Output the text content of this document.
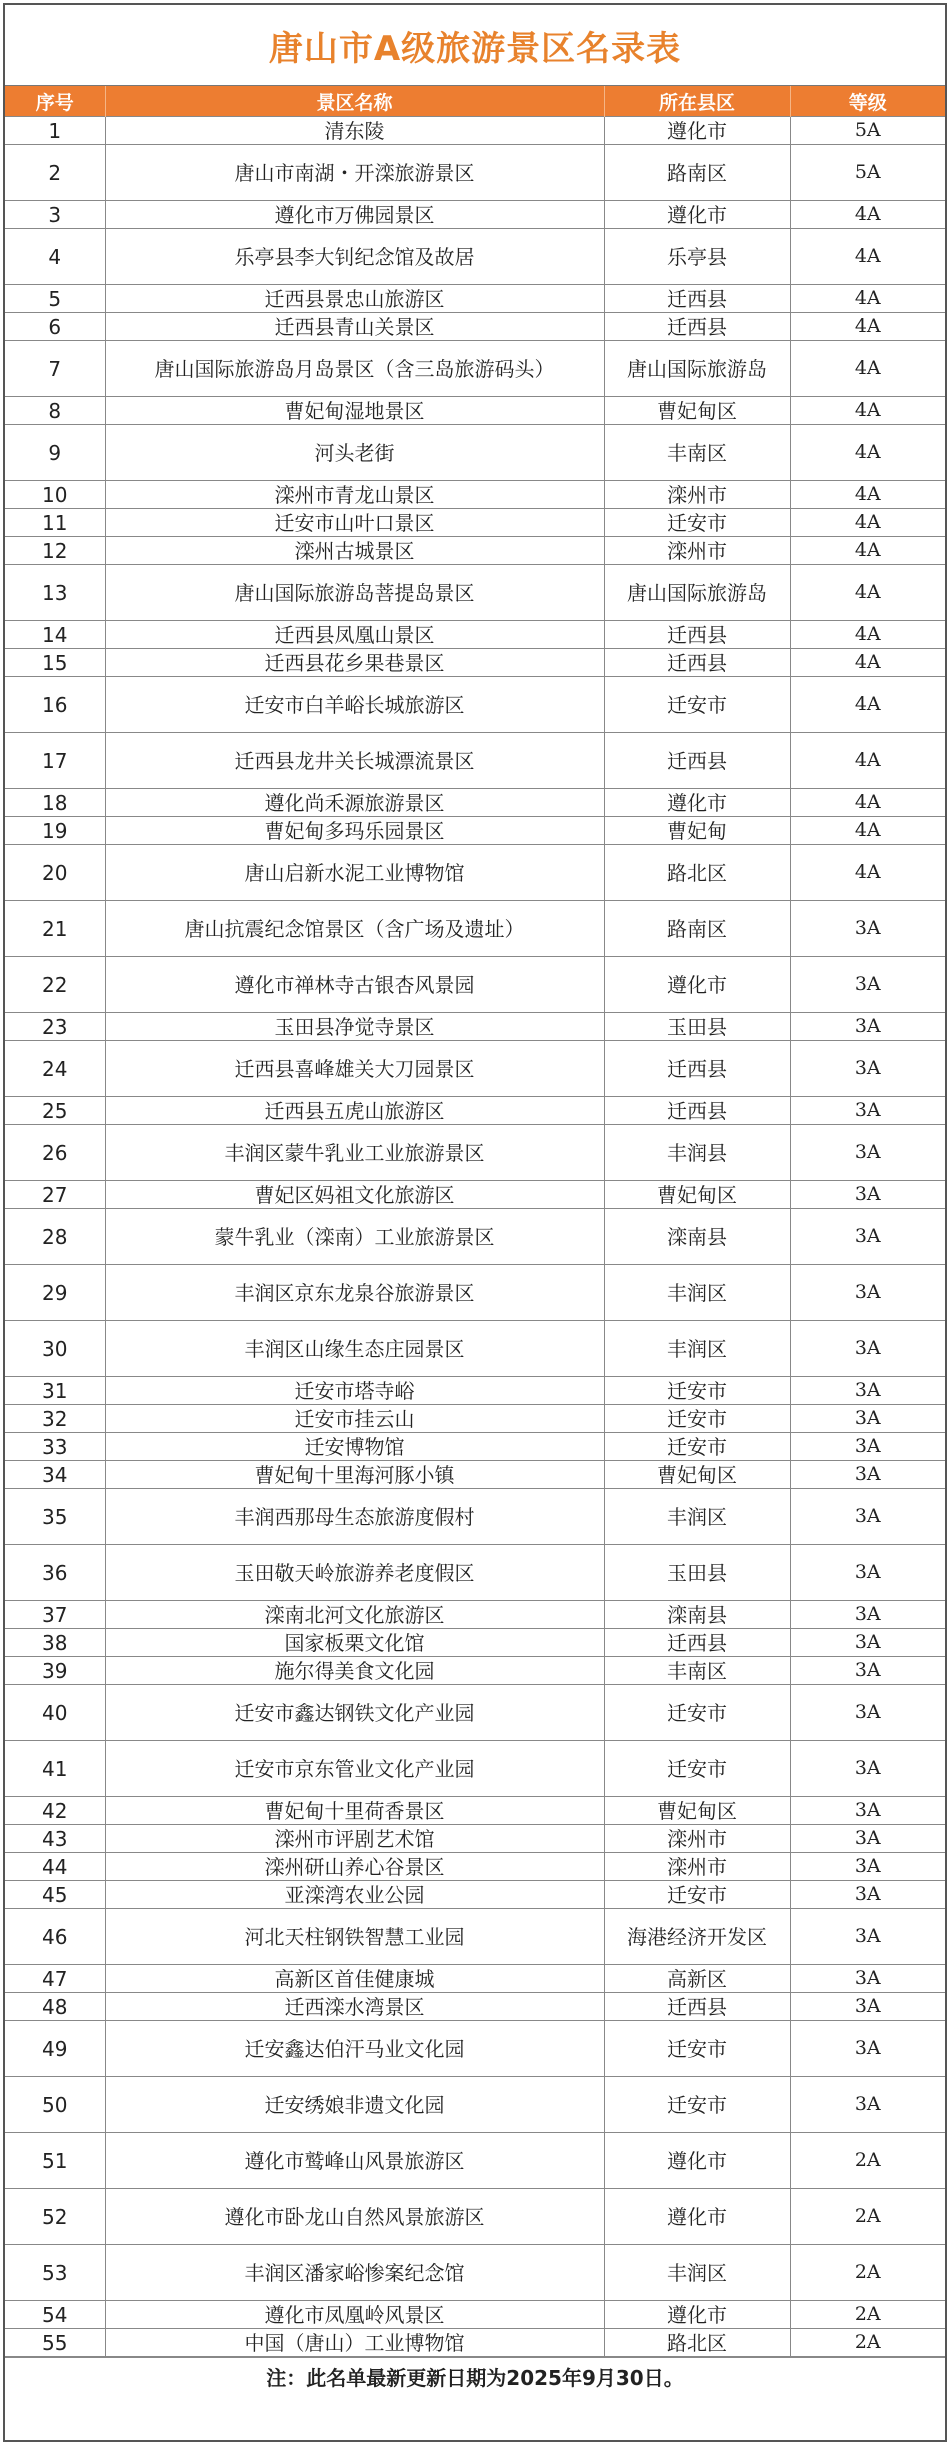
唐山市A级旅游景区名录表
序号	景区名称	所在县区	等级
1	清东陵	遵化市	5A
2	唐山市南湖・开滦旅游景区	路南区	5A
3	遵化市万佛园景区	遵化市	4A
4	乐亭县李大钊纪念馆及故居	乐亭县	4A
5	迁西县景忠山旅游区	迁西县	4A
6	迁西县青山关景区	迁西县	4A
7	唐山国际旅游岛月岛景区（含三岛旅游码头）	唐山国际旅游岛	4A
8	曹妃甸湿地景区	曹妃甸区	4A
9	河头老街	丰南区	4A
10	滦州市青龙山景区	滦州市	4A
11	迁安市山叶口景区	迁安市	4A
12	滦州古城景区	滦州市	4A
13	唐山国际旅游岛菩提岛景区	唐山国际旅游岛	4A
14	迁西县凤凰山景区	迁西县	4A
15	迁西县花乡果巷景区	迁西县	4A
16	迁安市白羊峪长城旅游区	迁安市	4A
17	迁西县龙井关长城漂流景区	迁西县	4A
18	遵化尚禾源旅游景区	遵化市	4A
19	曹妃甸多玛乐园景区	曹妃甸	4A
20	唐山启新水泥工业博物馆	路北区	4A
21	唐山抗震纪念馆景区（含广场及遗址）	路南区	3A
22	遵化市禅林寺古银杏风景园	遵化市	3A
23	玉田县净觉寺景区	玉田县	3A
24	迁西县喜峰雄关大刀园景区	迁西县	3A
25	迁西县五虎山旅游区	迁西县	3A
26	丰润区蒙牛乳业工业旅游景区	丰润县	3A
27	曹妃区妈祖文化旅游区	曹妃甸区	3A
28	蒙牛乳业（滦南）工业旅游景区	滦南县	3A
29	丰润区京东龙泉谷旅游景区	丰润区	3A
30	丰润区山缘生态庄园景区	丰润区	3A
31	迁安市塔寺峪	迁安市	3A
32	迁安市挂云山	迁安市	3A
33	迁安博物馆	迁安市	3A
34	曹妃甸十里海河豚小镇	曹妃甸区	3A
35	丰润西那母生态旅游度假村	丰润区	3A
36	玉田敬天岭旅游养老度假区	玉田县	3A
37	滦南北河文化旅游区	滦南县	3A
38	国家板栗文化馆	迁西县	3A
39	施尔得美食文化园	丰南区	3A
40	迁安市鑫达钢铁文化产业园	迁安市	3A
41	迁安市京东管业文化产业园	迁安市	3A
42	曹妃甸十里荷香景区	曹妃甸区	3A
43	滦州市评剧艺术馆	滦州市	3A
44	滦州研山养心谷景区	滦州市	3A
45	亚滦湾农业公园	迁安市	3A
46	河北天柱钢铁智慧工业园	海港经济开发区	3A
47	高新区首佳健康城	高新区	3A
48	迁西滦水湾景区	迁西县	3A
49	迁安鑫达伯汗马业文化园	迁安市	3A
50	迁安绣娘非遗文化园	迁安市	3A
51	遵化市鹫峰山风景旅游区	遵化市	2A
52	遵化市卧龙山自然风景旅游区	遵化市	2A
53	丰润区潘家峪惨案纪念馆	丰润区	2A
54	遵化市凤凰岭风景区	遵化市	2A
55	中国（唐山）工业博物馆	路北区	2A
注：此名单最新更新日期为2025年9月30日。
